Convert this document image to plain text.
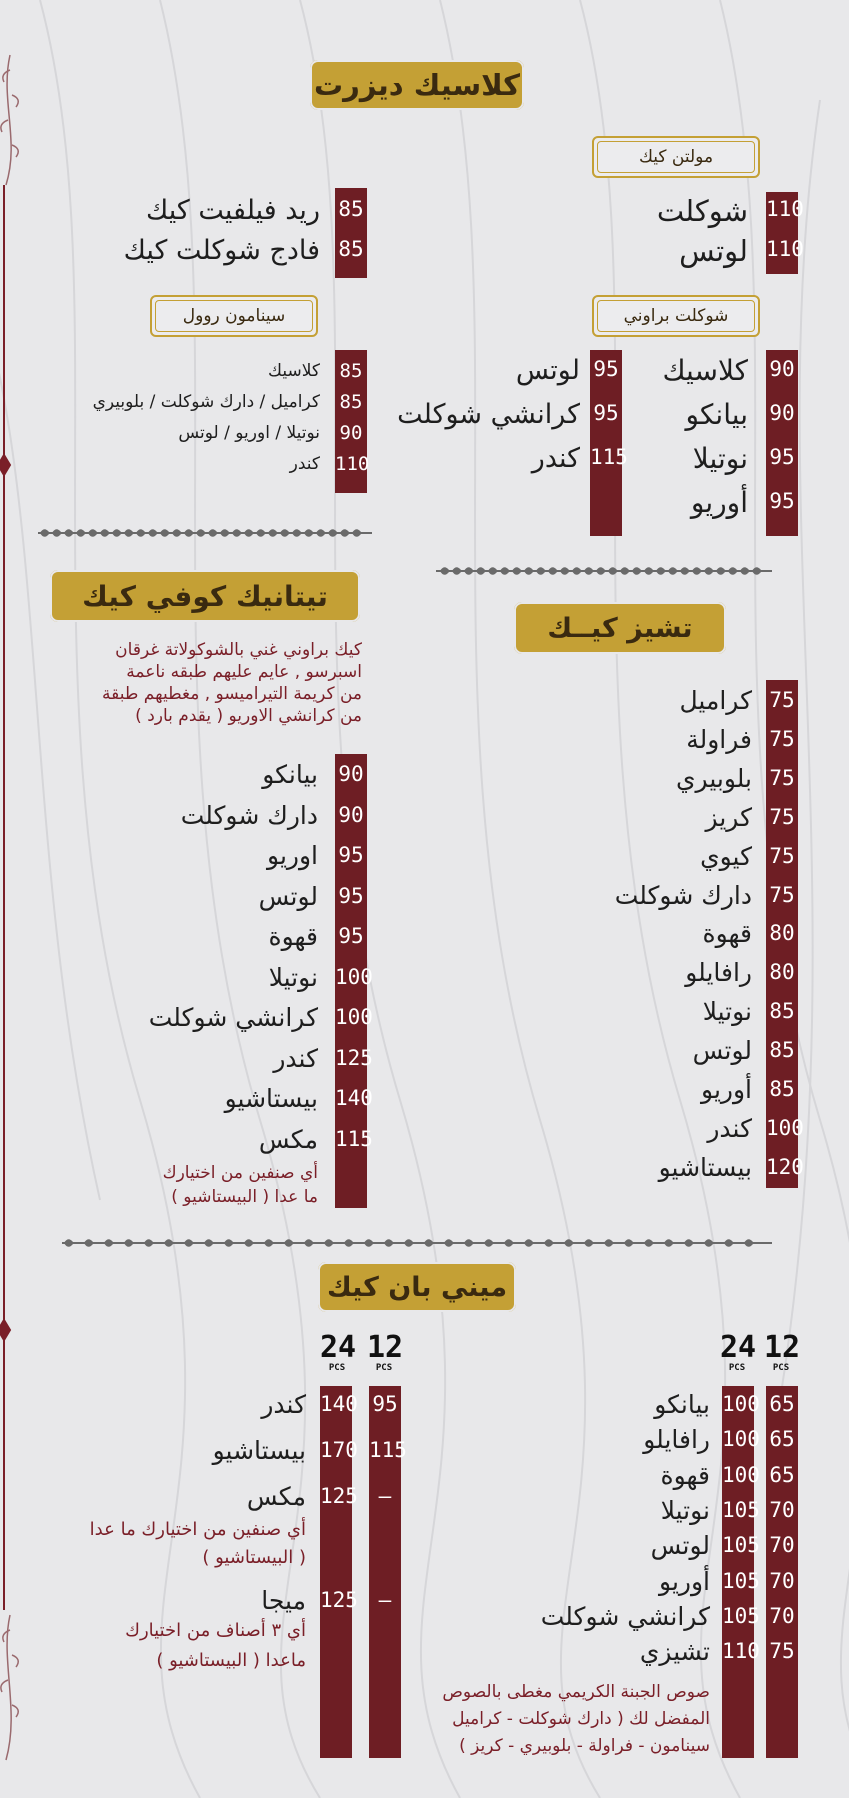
كلاسيك ديزرت
مولتن كيك
شوكلت براوني
سينامون روول
تشيز كيــك
تيتانيك كوفي كيك
ميني بان كيك
110
شوكلت
110
لوتس
85
ريد فيلفيت كيك
85
فادج شوكلت كيك
90
كلاسيك
90
بيانكو
95
نوتيلا
95
أوريو
95
لوتس
95
كرانشي شوكلت
115
كندر
85
كلاسيك
85
كراميل / دارك شوكلت / بلوبيري
90
نوتيلا / اوريو / لوتس
110
كندر
75
كراميل
75
فراولة
75
بلوبيري
75
كريز
75
كيوي
75
دارك شوكلت
80
قهوة
80
رافايلو
85
نوتيلا
85
لوتس
85
أوريو
100
كندر
120
بيستاشيو
كيك براوني غني بالشوكولاتة غرقان
اسبرسو , عايم عليهم طبقه ناعمة
من كريمة التيراميسو , مغطيهم طبقة
من كرانشي الاوريو ( يقدم بارد )
90
بيانكو
90
دارك شوكلت
95
اوريو
95
لوتس
95
قهوة
100
نوتيلا
100
كرانشي شوكلت
125
كندر
140
بيستاشيو
115
مكس
أي صنفين من اختيارك
ما عدا ( البيستاشيو )
12
PCS
24
PCS
12
PCS
24
PCS
65
100
بيانكو
65
100
رافايلو
65
100
قهوة
70
105
نوتيلا
70
105
لوتس
70
105
أوريو
70
105
كرانشي شوكلت
75
110
تشيزي
صوص الجبنة الكريمي مغطى بالصوص
المفضل لك ( دارك شوكلت - كراميل
سينامون - فراولة - بلوبيري - كريز )
95
140
كندر
115
170
بيستاشيو
–
125
مكس
–
125
ميجا
أي صنفين من اختيارك ما عدا
( البيستاشيو )
أي ٣ أصناف من اختيارك
ماعدا ( البيستاشيو )
